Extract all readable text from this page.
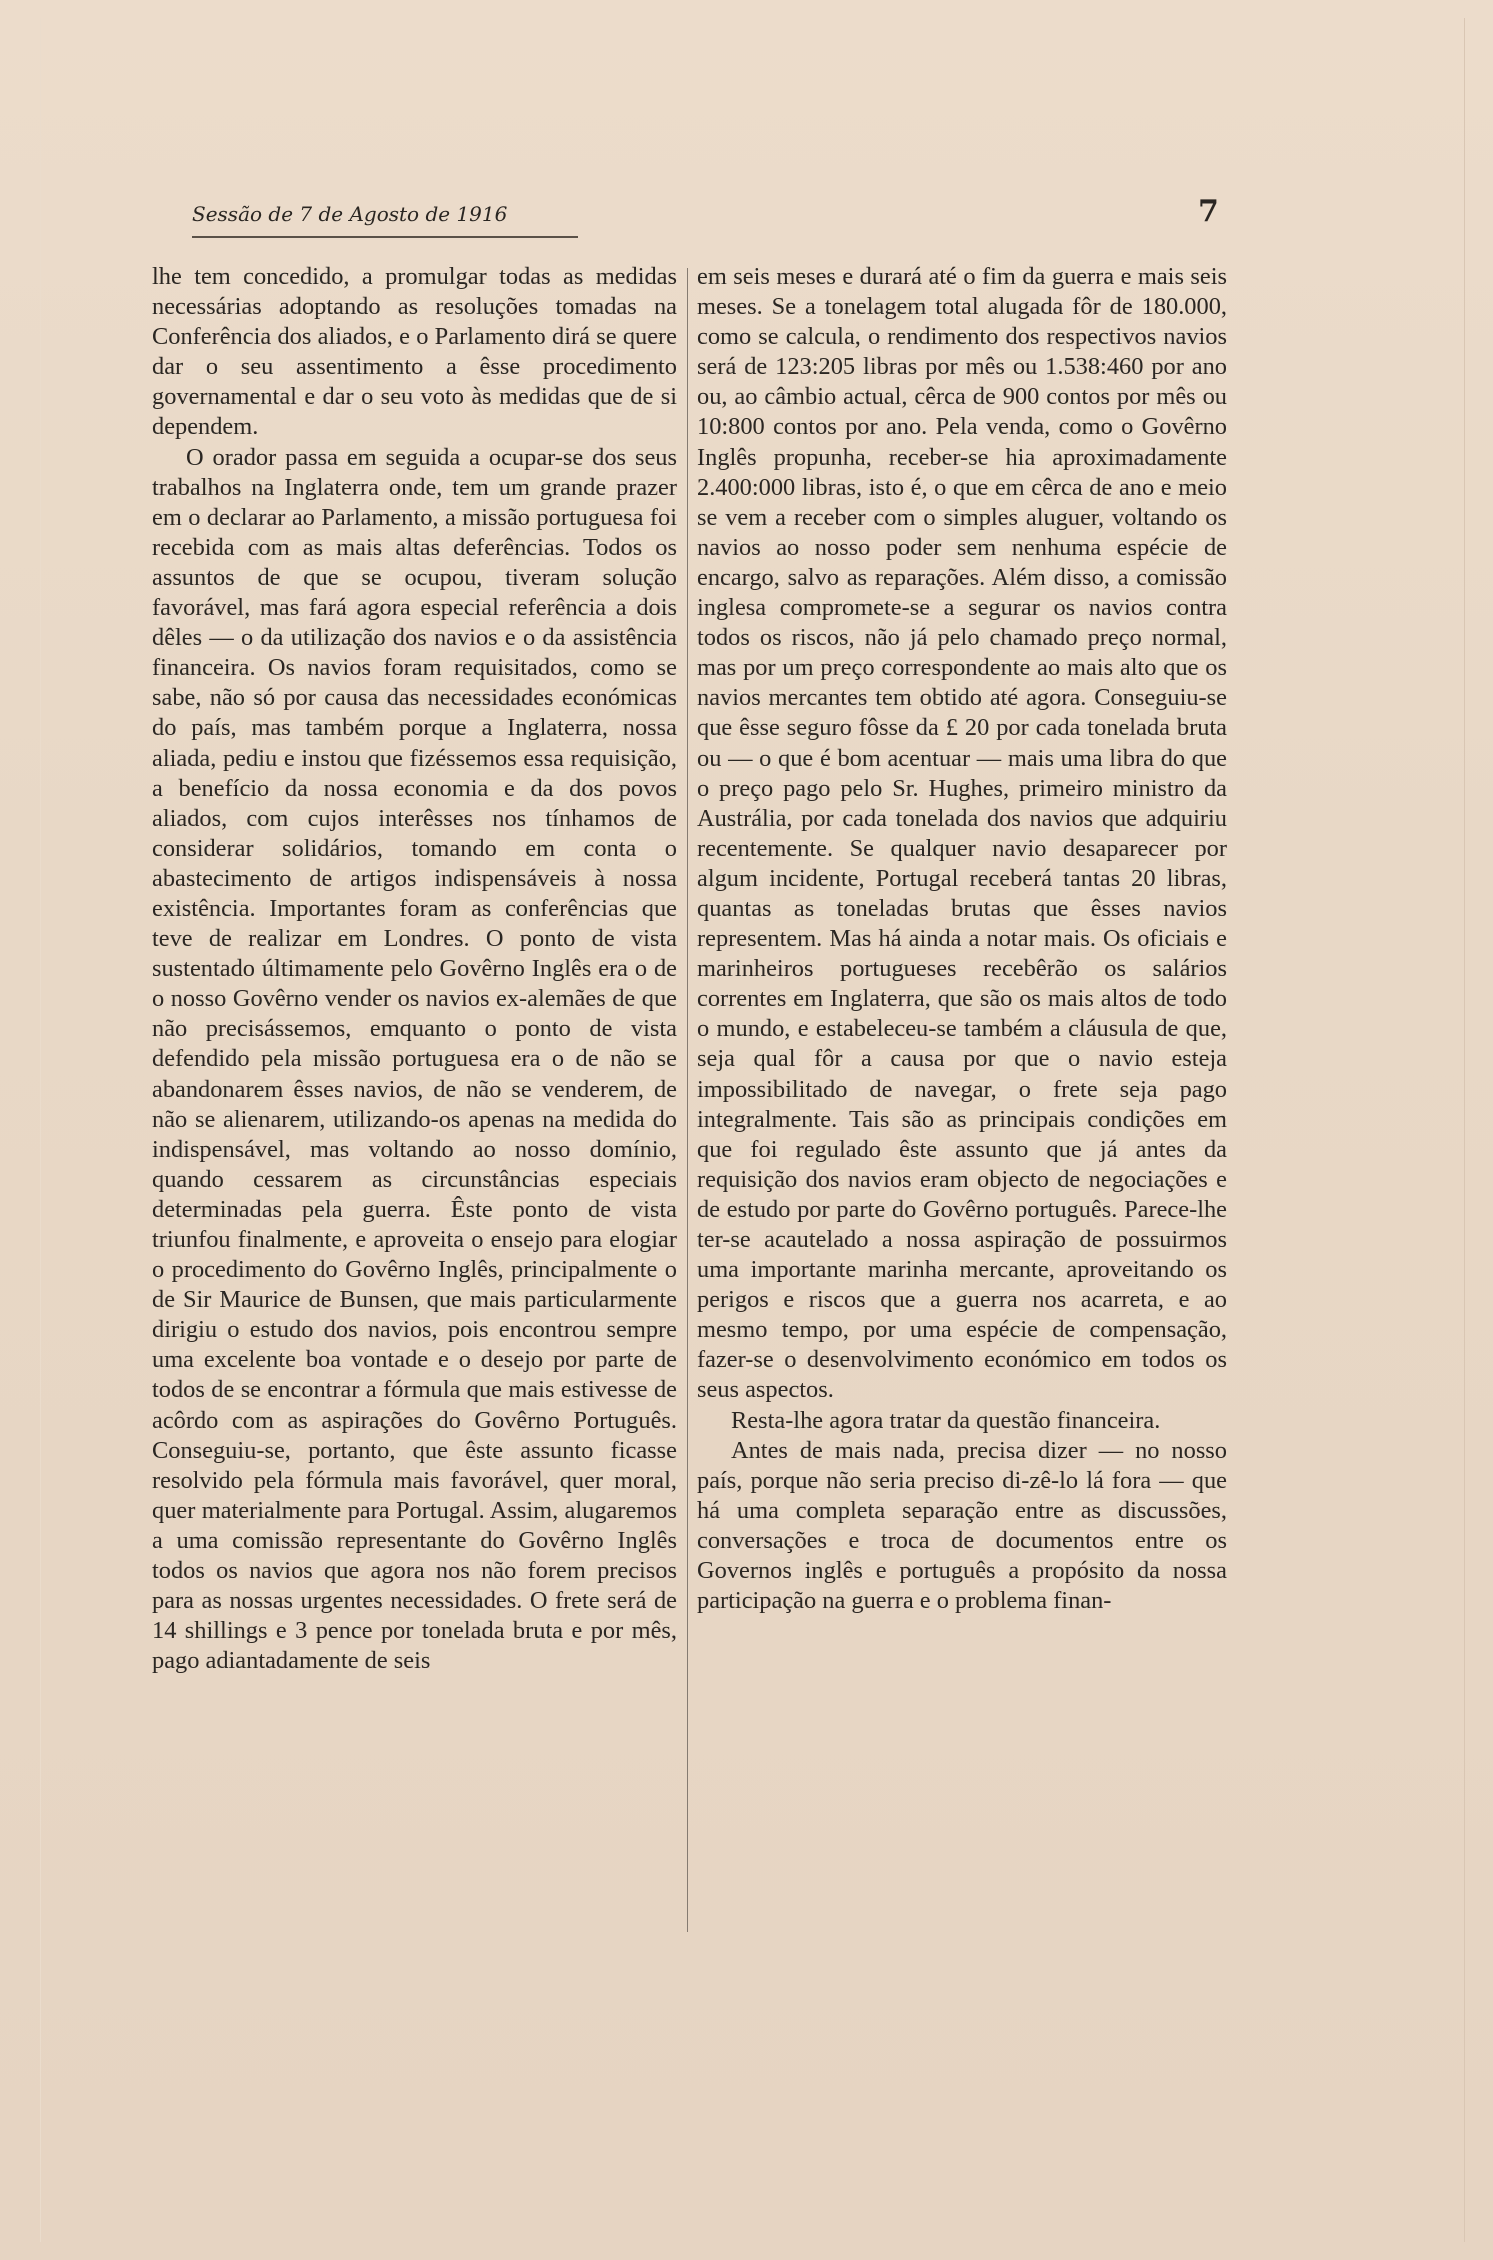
Sessão de 7 de Agosto de 1916	7

lhe tem concedido, a promulgar todas as medidas necessárias adoptando as resoluções tomadas na Conferência dos aliados, e o Parlamento dirá se quere dar o seu assentimento a êsse procedimento governamental e dar o seu voto às medidas que de si dependem.

O orador passa em seguida a ocupar-se dos seus trabalhos na Inglaterra onde, tem um grande prazer em o declarar ao Parlamento, a missão portuguesa foi recebida com as mais altas deferências. Todos os assuntos de que se ocupou, tiveram solução favorável, mas fará agora especial referência a dois dêles — o da utilização dos navios e o da assistência financeira. Os navios foram requisitados, como se sabe, não só por causa das necessidades económicas do país, mas também porque a Inglaterra, nossa aliada, pediu e instou que fizéssemos essa requisição, a benefício da nossa economia e da dos povos aliados, com cujos interêsses nos tínhamos de considerar solidários, tomando em conta o abastecimento de artigos indispensáveis à nossa existência. Importantes foram as conferências que teve de realizar em Londres. O ponto de vista sustentado últimamente pelo Govêrno Inglês era o de o nosso Govêrno vender os navios ex-alemães de que não precisássemos, emquanto o ponto de vista defendido pela missão portuguesa era o de não se abandonarem êsses navios, de não se venderem, de não se alienarem, utilizando-os apenas na medida do indispensável, mas voltando ao nosso domínio, quando cessarem as circunstâncias especiais determinadas pela guerra. Êste ponto de vista triunfou finalmente, e aproveita o ensejo para elogiar o procedimento do Govêrno Inglês, principalmente o de Sir Maurice de Bunsen, que mais particularmente dirigiu o estudo dos navios, pois encontrou sempre uma excelente boa vontade e o desejo por parte de todos de se encontrar a fórmula que mais estivesse de acôrdo com as aspirações do Govêrno Português. Conseguiu-se, portanto, que êste assunto ficasse resolvido pela fórmula mais favorável, quer moral, quer materialmente para Portugal. Assim, alugaremos a uma comissão representante do Govêrno Inglês todos os navios que agora nos não forem precisos para as nossas urgentes necessidades. O frete será de 14 shillings e 3 pence por tonelada bruta e por mês, pago adiantadamente de seis

em seis meses e durará até o fim da guerra e mais seis meses. Se a tonelagem total alugada fôr de 180.000, como se calcula, o rendimento dos respectivos navios será de 123:205 libras por mês ou 1.538:460 por ano ou, ao câmbio actual, cêrca de 900 contos por mês ou 10:800 contos por ano. Pela venda, como o Govêrno Inglês propunha, receber-se hia aproximadamente 2.400:000 libras, isto é, o que em cêrca de ano e meio se vem a receber com o simples aluguer, voltando os navios ao nosso poder sem nenhuma espécie de encargo, salvo as reparações. Além disso, a comissão inglesa compromete-se a segurar os navios contra todos os riscos, não já pelo chamado preço normal, mas por um preço correspondente ao mais alto que os navios mercantes tem obtido até agora. Conseguiu-se que êsse seguro fôsse da £ 20 por cada tonelada bruta ou — o que é bom acentuar — mais uma libra do que o preço pago pelo Sr. Hughes, primeiro ministro da Austrália, por cada tonelada dos navios que adquiriu recentemente. Se qualquer navio desaparecer por algum incidente, Portugal receberá tantas 20 libras, quantas as toneladas brutas que êsses navios representem. Mas há ainda a notar mais. Os oficiais e marinheiros portugueses recebêrão os salários correntes em Inglaterra, que são os mais altos de todo o mundo, e estabeleceu-se também a cláusula de que, seja qual fôr a causa por que o navio esteja impossibilitado de navegar, o frete seja pago integralmente. Tais são as principais condições em que foi regulado êste assunto que já antes da requisição dos navios eram objecto de negociações e de estudo por parte do Govêrno português. Parece-lhe ter-se acautelado a nossa aspiração de possuirmos uma importante marinha mercante, aproveitando os perigos e riscos que a guerra nos acarreta, e ao mesmo tempo, por uma espécie de compensação, fazer-se o desenvolvimento económico em todos os seus aspectos.

Resta-lhe agora tratar da questão financeira.

Antes de mais nada, precisa dizer — no nosso país, porque não seria preciso di-zê-lo lá fora — que há uma completa separação entre as discussões, conversações e troca de documentos entre os Governos inglês e português a propósito da nossa participação na guerra e o problema finan-
